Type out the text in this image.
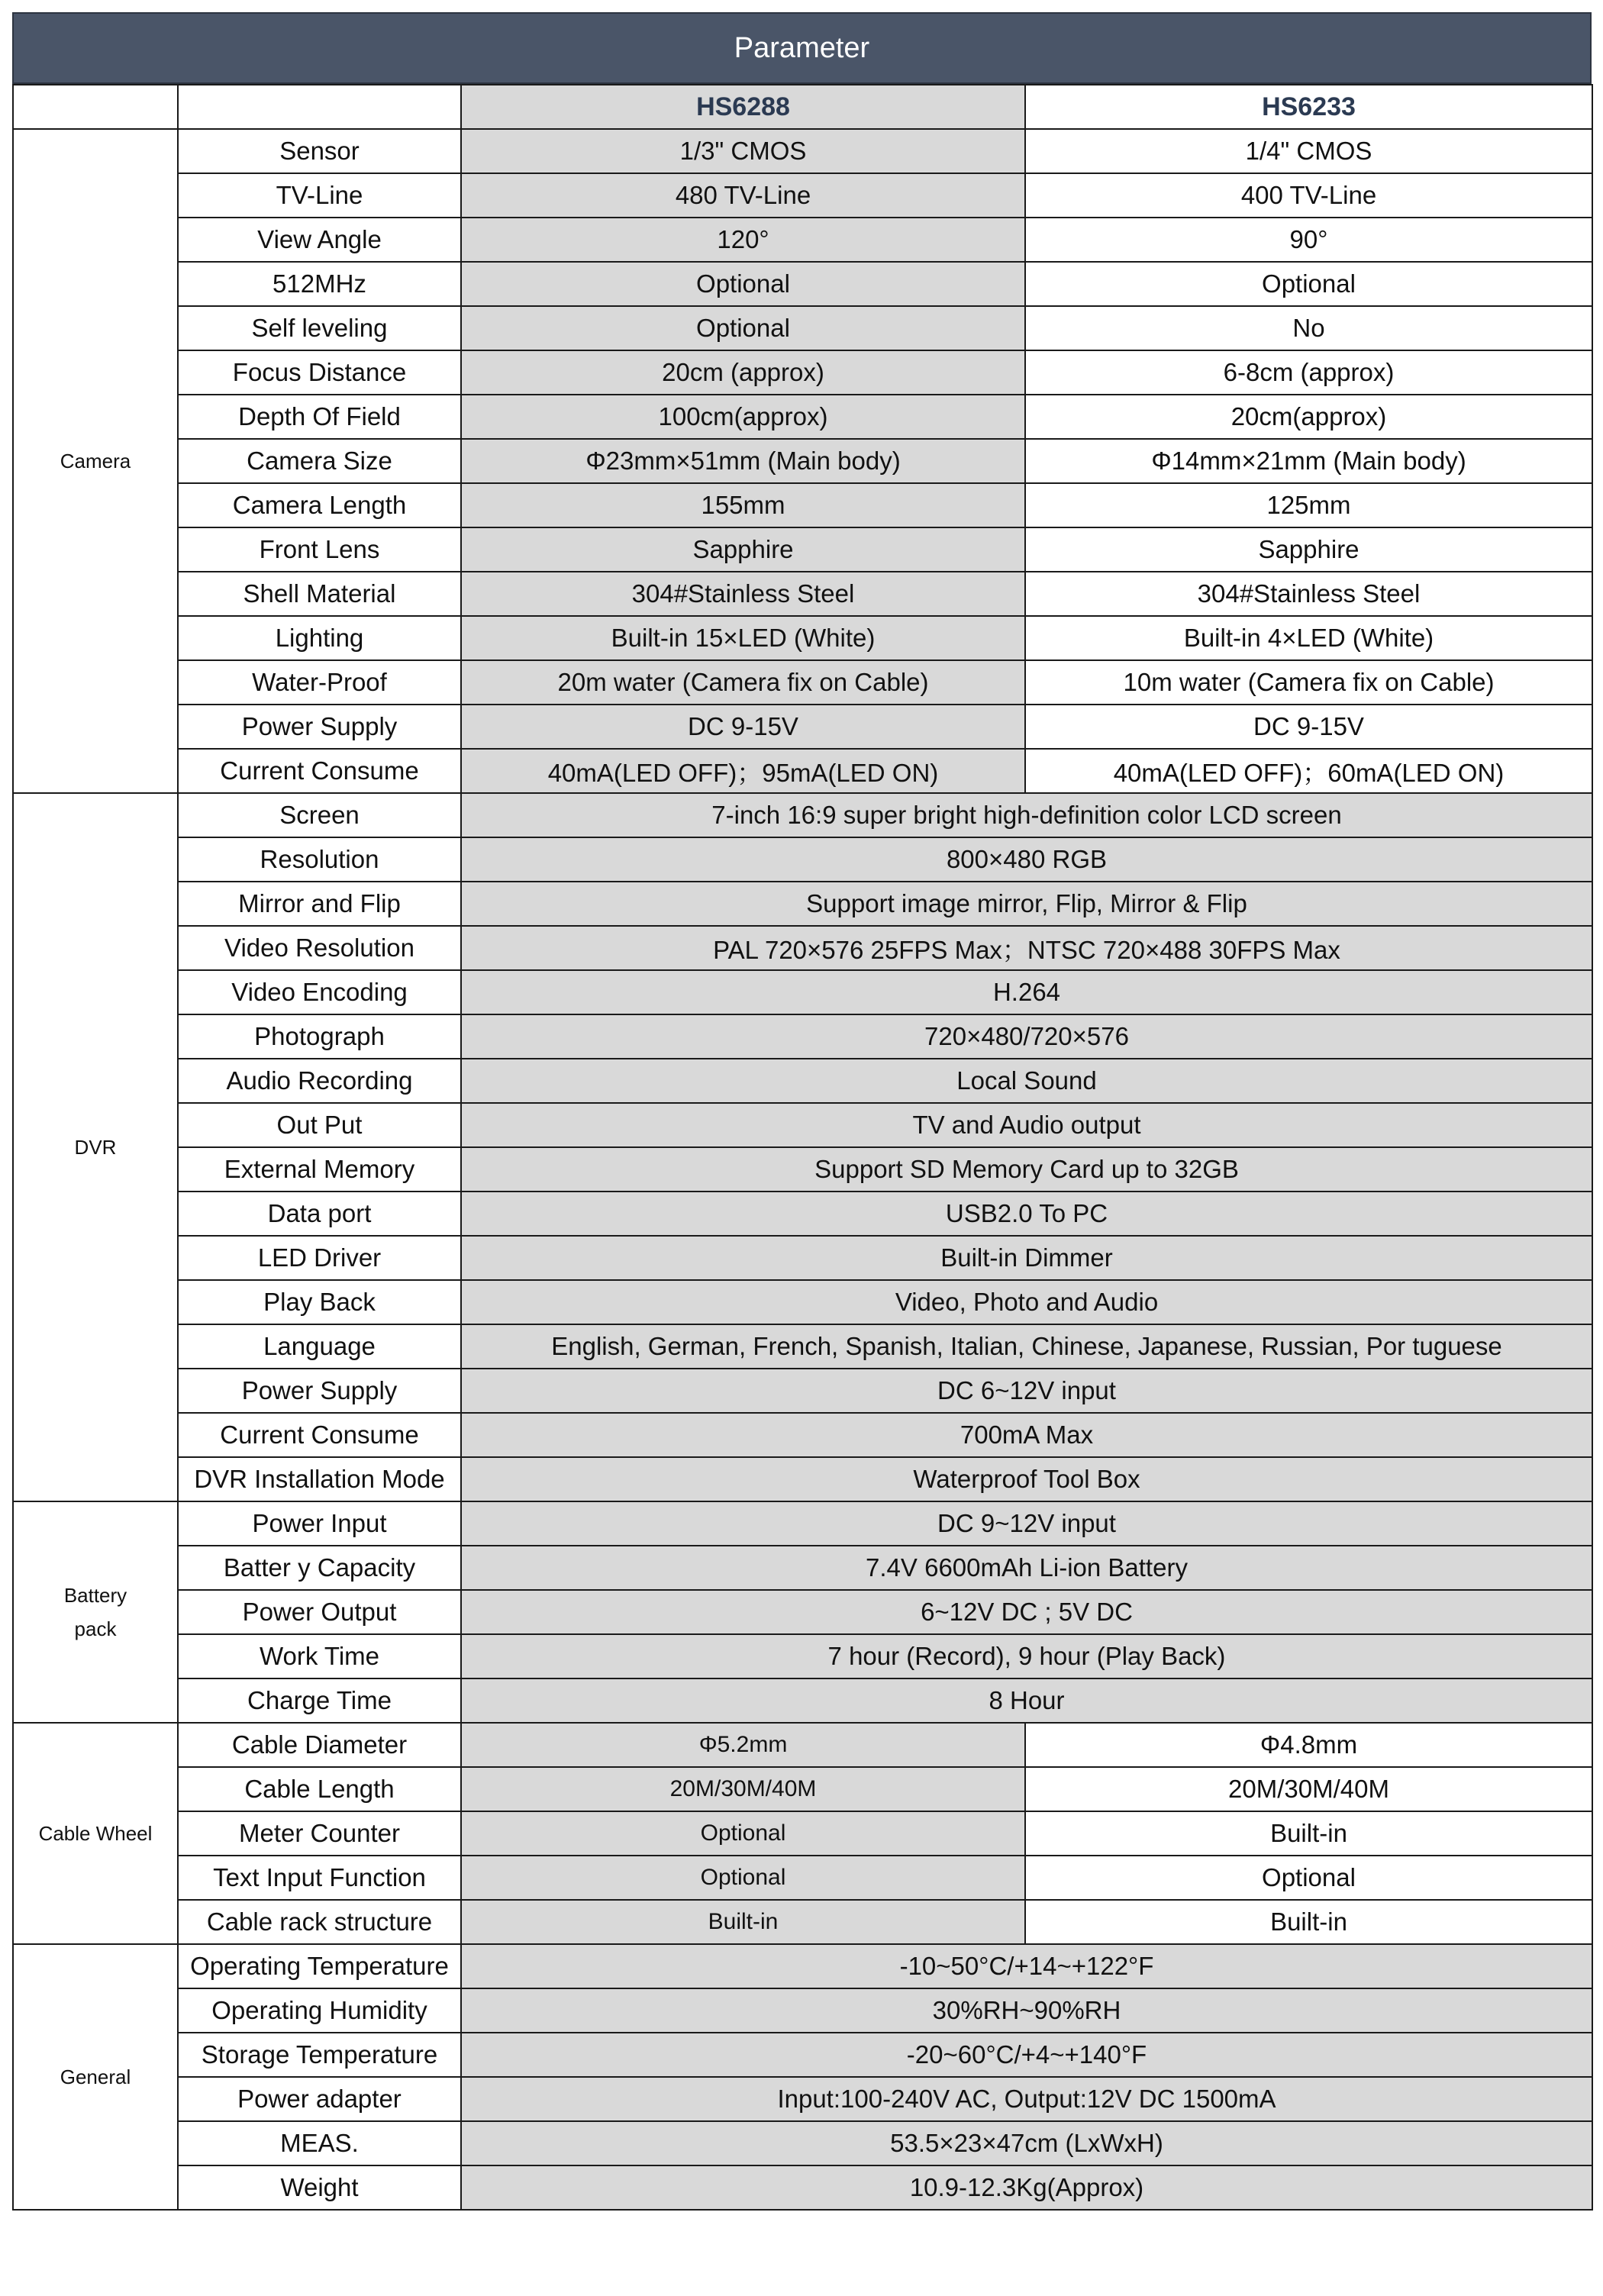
Parameter
		HS6288	HS6233
Camera	Sensor	1/3" CMOS	1/4" CMOS
	TV-Line	480 TV-Line	400 TV-Line
	View Angle	120°	90°
	512MHz	Optional	Optional
	Self leveling	Optional	No
	Focus Distance	20cm (approx)	6-8cm (approx)
	Depth Of Field	100cm(approx)	20cm(approx)
	Camera Size	Φ23mm×51mm (Main body)	Φ14mm×21mm (Main body)
	Camera Length	155mm	125mm
	Front Lens	Sapphire	Sapphire
	Shell Material	304#Stainless Steel	304#Stainless Steel
	Lighting	Built-in 15×LED (White)	Built-in 4×LED (White)
	Water-Proof	20m water (Camera fix on Cable)	10m water (Camera fix on Cable)
	Power Supply	DC 9-15V	DC 9-15V
	Current Consume	40mA(LED OFF)；95mA(LED ON)	40mA(LED OFF)；60mA(LED ON)
DVR	Screen	7-inch 16:9 super bright high-definition color LCD screen	
	Resolution	800×480 RGB	
	Mirror and Flip	Support image mirror, Flip, Mirror & Flip	
	Video Resolution	PAL 720×576 25FPS Max；NTSC 720×488 30FPS Max	
	Video Encoding	H.264	
	Photograph	720×480/720×576	
	Audio Recording	Local Sound	
	Out Put	TV and Audio output	
	External Memory	Support SD Memory Card up to 32GB	
	Data port	USB2.0 To PC	
	LED Driver	Built-in Dimmer	
	Play Back	Video, Photo and Audio	
	Language	English, German, French, Spanish, Italian, Chinese, Japanese, Russian, Por tuguese	
	Power Supply	DC 6~12V input	
	Current Consume	700mA Max	
	DVR Installation Mode	Waterproof Tool Box	
Battery pack	Power Input	DC 9~12V input	
	Batter y Capacity	7.4V 6600mAh Li-ion Battery	
	Power Output	6~12V DC ; 5V DC	
	Work Time	7 hour (Record), 9 hour (Play Back)	
	Charge Time	8 Hour	
Cable Wheel	Cable Diameter	Φ5.2mm	Φ4.8mm
	Cable Length	20M/30M/40M	20M/30M/40M
	Meter Counter	Optional	Built-in
	Text Input Function	Optional	Optional
	Cable rack structure	Built-in	Built-in
General	Operating Temperature	-10~50°C/+14~+122°F	
	Operating Humidity	30%RH~90%RH	
	Storage Temperature	-20~60°C/+4~+140°F	
	Power adapter	Input:100-240V AC, Output:12V DC 1500mA	
	MEAS.	53.5×23×47cm (LxWxH)	
	Weight	10.9-12.3Kg(Approx)	
